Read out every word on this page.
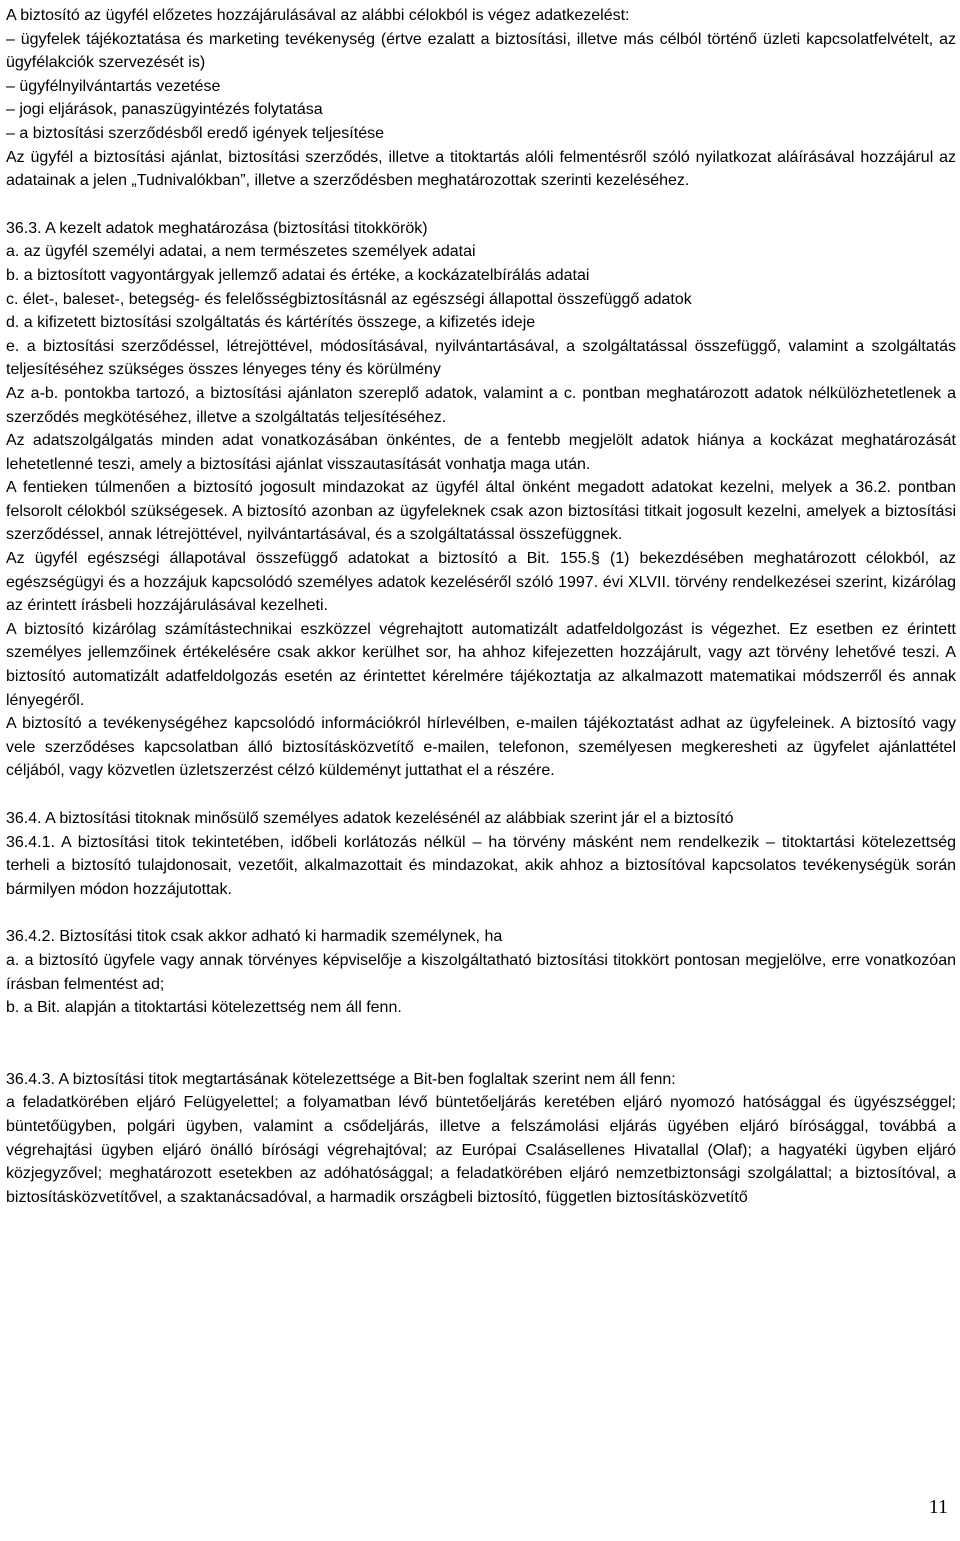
A biztosító az ügyfél előzetes hozzájárulásával az alábbi célokból is végez adatkezelést:

– ügyfelek tájékoztatása és marketing tevékenység (értve ezalatt a biztosítási, illetve más célból történő üzleti kapcsolatfelvételt, az ügyfélakciók szervezését is)

– ügyfélnyilvántartás vezetése

– jogi eljárások, panaszügyintézés folytatása

– a biztosítási szerződésből eredő igények teljesítése

Az ügyfél a biztosítási ajánlat, biztosítási szerződés, illetve a titoktartás alóli felmentésről szóló nyilatkozat aláírásával hozzájárul az adatainak a jelen „Tudnivalókban”, illetve a szerződésben meghatározottak szerinti kezeléséhez.

36.3. A kezelt adatok meghatározása (biztosítási titokkörök)

a. az ügyfél személyi adatai, a nem természetes személyek adatai

b. a biztosított vagyontárgyak jellemző adatai és értéke, a kockázatelbírálás adatai

c. élet-, baleset-, betegség- és felelősségbiztosításnál az egészségi állapottal összefüggő adatok

d. a kifizetett biztosítási szolgáltatás és kártérítés összege, a kifizetés ideje

e. a biztosítási szerződéssel, létrejöttével, módosításával, nyilvántartásával, a szolgáltatással összefüggő, valamint a szolgáltatás teljesítéséhez szükséges összes lényeges tény és körülmény

Az a-b. pontokba tartozó, a biztosítási ajánlaton szereplő adatok, valamint a c. pontban meghatározott adatok nélkülözhetetlenek a szerződés megkötéséhez, illetve a szolgáltatás teljesítéséhez.

Az adatszolgálgatás minden adat vonatkozásában önkéntes, de a fentebb megjelölt adatok hiánya a kockázat meghatározását lehetetlenné teszi, amely a biztosítási ajánlat visszautasítását vonhatja maga után.

A fentieken túlmenően a biztosító jogosult mindazokat az ügyfél által önként megadott adatokat kezelni, melyek a 36.2. pontban felsorolt célokból szükségesek. A biztosító azonban az ügyfeleknek csak azon biztosítási titkait jogosult kezelni, amelyek a biztosítási szerződéssel, annak létrejöttével, nyilvántartásával, és a szolgáltatással összefüggnek.

Az ügyfél egészségi állapotával összefüggő adatokat a biztosító a Bit. 155.§ (1) bekezdésében meghatározott célokból, az egészségügyi és a hozzájuk kapcsolódó személyes adatok kezeléséről szóló 1997. évi XLVII. törvény rendelkezései szerint, kizárólag az érintett írásbeli hozzájárulásával kezelheti.

A biztosító kizárólag számítástechnikai eszközzel végrehajtott automatizált adatfeldolgozást is végezhet. Ez esetben ez érintett személyes jellemzőinek értékelésére csak akkor kerülhet sor, ha ahhoz kifejezetten hozzájárult, vagy azt törvény lehetővé teszi. A biztosító automatizált adatfeldolgozás esetén az érintettet kérelmére tájékoztatja az alkalmazott matematikai módszerről és annak lényegéről.

A biztosító a tevékenységéhez kapcsolódó információkról hírlevélben, e-mailen tájékoztatást adhat az ügyfeleinek. A biztosító vagy vele szerződéses kapcsolatban álló biztosításközvetítő e-mailen, telefonon, személyesen megkeresheti az ügyfelet ajánlattétel céljából, vagy közvetlen üzletszerzést célzó küldeményt juttathat el a részére.

36.4. A biztosítási titoknak minősülő személyes adatok kezelésénél az alábbiak szerint jár el a biztosító

36.4.1. A biztosítási titok tekintetében, időbeli korlátozás nélkül – ha törvény másként nem rendelkezik – titoktartási kötelezettség terheli a biztosító tulajdonosait, vezetőit, alkalmazottait és mindazokat, akik ahhoz a biztosítóval kapcsolatos tevékenységük során bármilyen módon hozzájutottak.

36.4.2. Biztosítási titok csak akkor adható ki harmadik személynek, ha

a. a biztosító ügyfele vagy annak törvényes képviselője a kiszolgáltatható biztosítási titokkört pontosan megjelölve, erre vonatkozóan írásban felmentést ad;

b. a Bit. alapján a titoktartási kötelezettség nem áll fenn.

36.4.3. A biztosítási titok megtartásának kötelezettsége a Bit-ben foglaltak szerint nem áll fenn:

a feladatkörében eljáró Felügyelettel; a folyamatban lévő büntetőeljárás keretében eljáró nyomozó hatósággal és ügyészséggel; büntetőügyben, polgári ügyben, valamint a csődeljárás, illetve a felszámolási eljárás ügyében eljáró bírósággal, továbbá a végrehajtási ügyben eljáró önálló bírósági végrehajtóval; az Európai Csalásellenes Hivatallal (Olaf); a hagyatéki ügyben eljáró közjegyzővel; meghatározott esetekben az adóhatósággal; a feladatkörében eljáró nemzetbiztonsági szolgálattal; a biztosítóval, a biztosításközvetítővel, a szaktanácsadóval, a harmadik országbeli biztosító, független biztosításközvetítő

11
